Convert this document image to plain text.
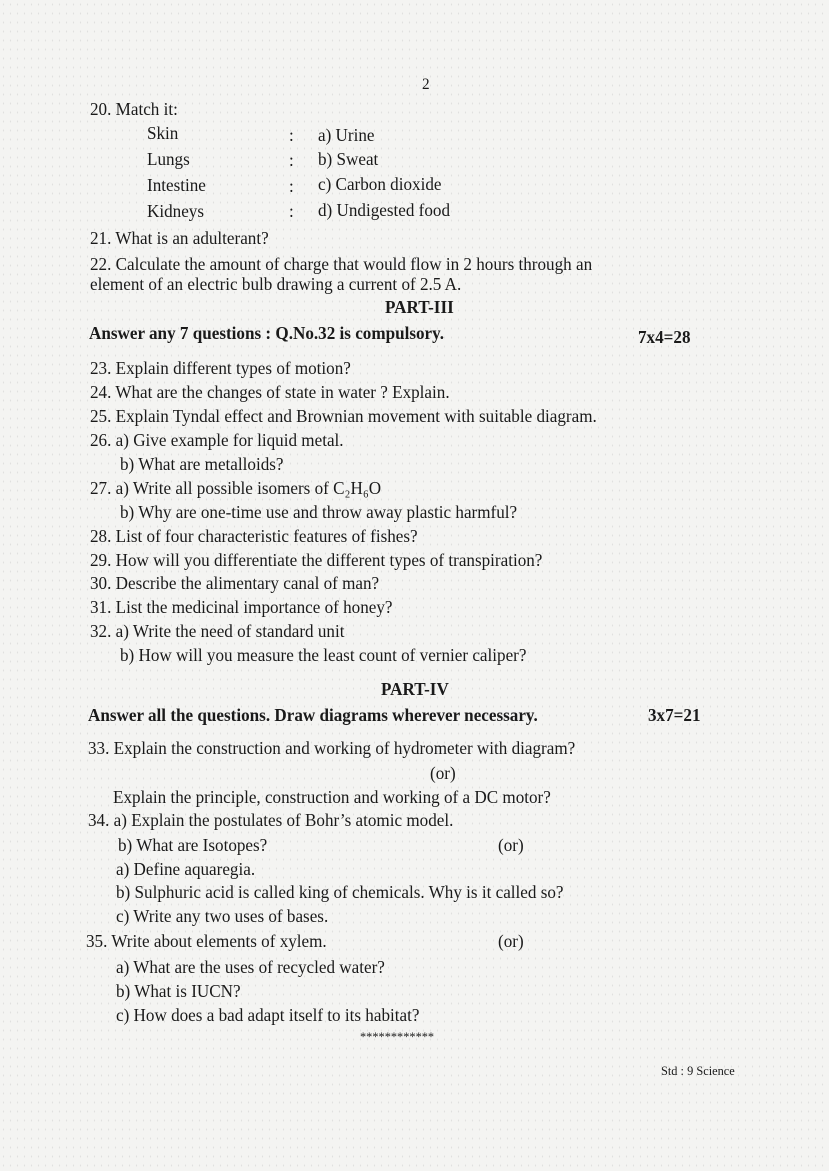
2
20. Match it:
Skin	: a) Urine
Lungs	: b) Sweat
Intestine	: c) Carbon dioxide
Kidneys	: d) Undigested food
21. What is an adulterant?
22. Calculate the amount of charge that would flow in 2 hours through an
element of an electric bulb drawing a current of 2.5 A.
PART-III
Answer any 7 questions : Q.No.32 is compulsory.	7x4=28
23. Explain different types of motion?
24. What are the changes of state in water ? Explain.
25. Explain Tyndal effect and Brownian movement with suitable diagram.
26. a) Give example for liquid metal.
b) What are metalloids?
27. a) Write all possible isomers of C₂H₆O
b) Why are one-time use and throw away plastic harmful?
28. List of four characteristic features of fishes?
29. How will you differentiate the different types of transpiration?
30. Describe the alimentary canal of man?
31. List the medicinal importance of honey?
32. a) Write the need of standard unit
b) How will you measure the least count of vernier caliper?
PART-IV
Answer all the questions. Draw diagrams wherever necessary.	3x7=21
33. Explain the construction and working of hydrometer with diagram?
(or)
Explain the principle, construction and working of a DC motor?
34. a) Explain the postulates of Bohr’s atomic model.
b) What are Isotopes?	(or)
a) Define aquaregia.
b) Sulphuric acid is called king of chemicals. Why is it called so?
c) Write any two uses of bases.
35. Write about elements of xylem.	(or)
a) What are the uses of recycled water?
b) What is IUCN?
c) How does a bad adapt itself to its habitat?
************
Std : 9 Science
